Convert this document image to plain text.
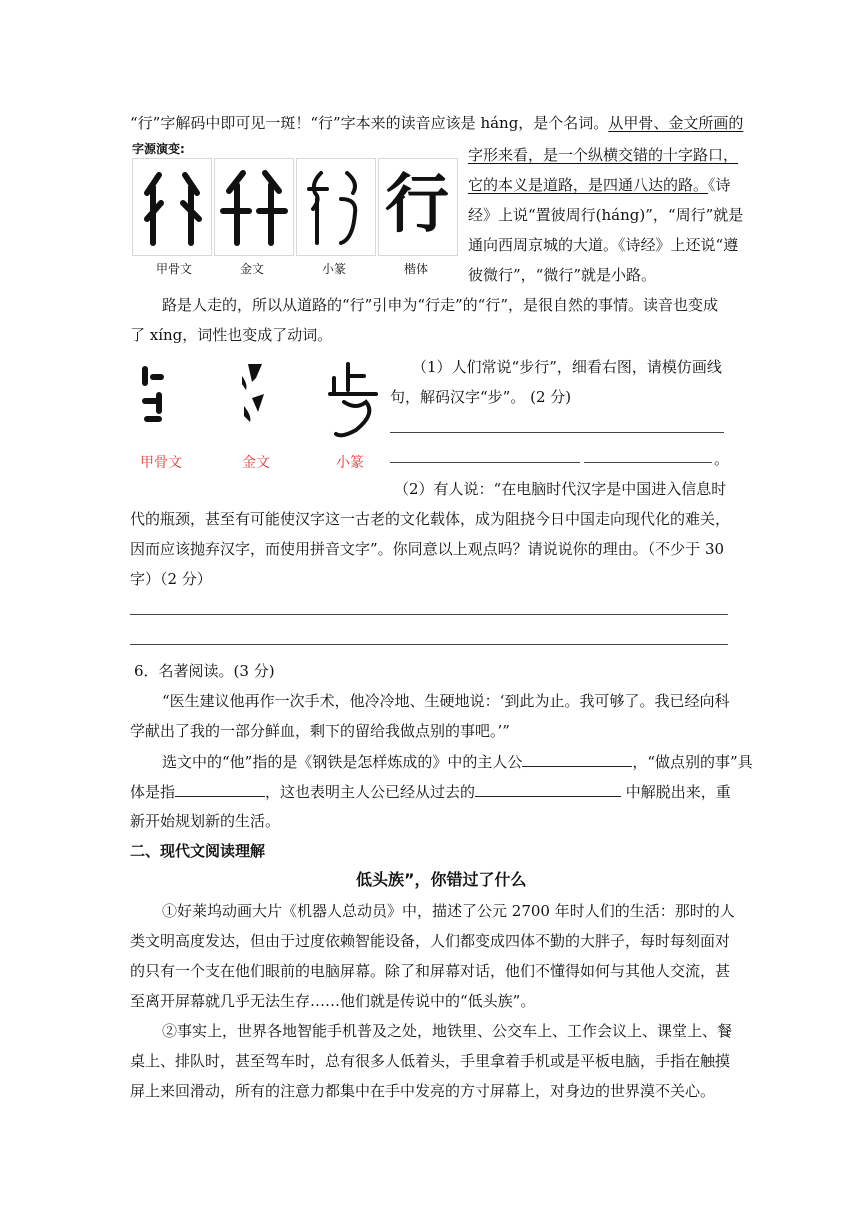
“行”字解码中即可见一斑！“行”字本来的读音应该是 háng，是个名词。从甲骨、金文所画的
字源演变:
行
甲骨文	金文	小篆	楷体
字形来看，是一个纵横交错的十字路口，
它的本义是道路，是四通八达的路。《诗
经》上说“置彼周行(háng)”，“周行”就是
通向西周京城的大道。《诗经》上还说“遵
彼微行”，“微行”就是小路。
路是人走的，所以从道路的“行”引申为“行走”的“行”，是很自然的事情。读音也变成
了 xíng，词性也变成了动词。
甲骨文	金文	小篆
（1）人们常说“步行”，细看右图，请模仿画线
句，解码汉字“步”。 (2 分)
。
（2）有人说：“在电脑时代汉字是中国进入信息时
代的瓶颈，甚至有可能使汉字这一古老的文化载体，成为阻挠今日中国走向现代化的难关，
因而应该抛弃汉字，而使用拼音文字”。你同意以上观点吗？请说说你的理由。（不少于 30
字）（2 分）
6．名著阅读。(3 分)
“医生建议他再作一次手术，他冷冷地、生硬地说：‘到此为止。我可够了。我已经向科
学献出了我的一部分鲜血，剩下的留给我做点别的事吧。’”
选文中的“他”指的是《钢铁是怎样炼成的》中的主人公	，“做点别的事”具
体是指	，这也表明主人公已经从过去的	中解脱出来，重
新开始规划新的生活。
二、现代文阅读理解
低头族”，你错过了什么
①好莱坞动画大片《机器人总动员》中，描述了公元 2700 年时人们的生活：那时的人
类文明高度发达，但由于过度依赖智能设备，人们都变成四体不勤的大胖子，每时每刻面对
的只有一个支在他们眼前的电脑屏幕。除了和屏幕对话，他们不懂得如何与其他人交流，甚
至离开屏幕就几乎无法生存……他们就是传说中的“低头族”。
②事实上，世界各地智能手机普及之处，地铁里、公交车上、工作会议上、课堂上、餐
桌上、排队时，甚至驾车时，总有很多人低着头，手里拿着手机或是平板电脑，手指在触摸
屏上来回滑动，所有的注意力都集中在手中发亮的方寸屏幕上，对身边的世界漠不关心。
